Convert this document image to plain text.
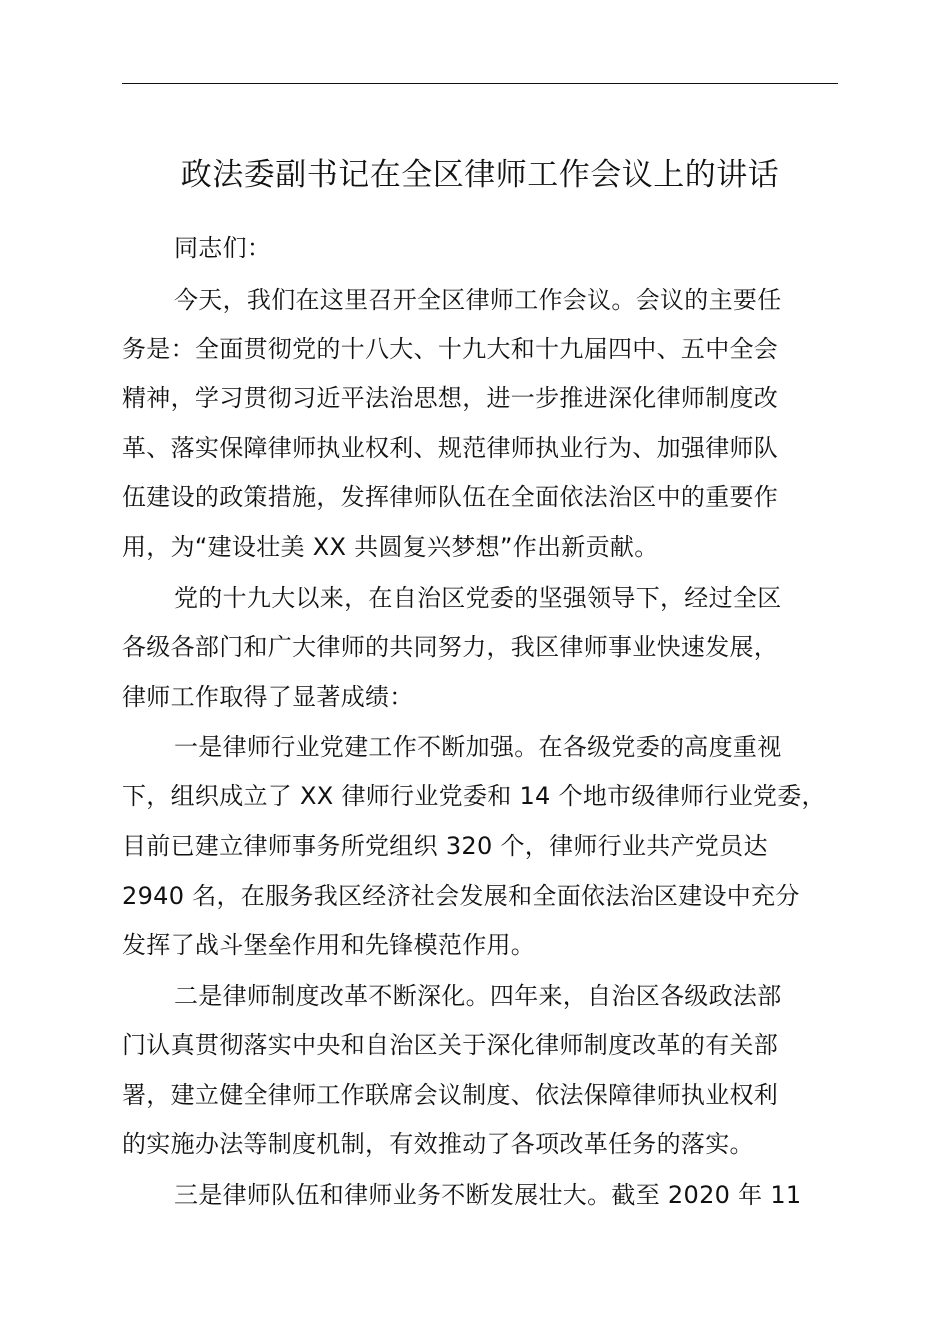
政法委副书记在全区律师工作会议上的讲话
同志们：
今天，我们在这里召开全区律师工作会议。会议的主要任
务是：全面贯彻党的十八大、十九大和十九届四中、五中全会
精神，学习贯彻习近平法治思想，进一步推进深化律师制度改
革、落实保障律师执业权利、规范律师执业行为、加强律师队
伍建设的政策措施，发挥律师队伍在全面依法治区中的重要作
用，为“建设壮美 XX 共圆复兴梦想”作出新贡献。
党的十九大以来，在自治区党委的坚强领导下，经过全区
各级各部门和广大律师的共同努力，我区律师事业快速发展，
律师工作取得了显著成绩：
一是律师行业党建工作不断加强。在各级党委的高度重视
下，组织成立了 XX 律师行业党委和 14 个地市级律师行业党委，
目前已建立律师事务所党组织 320 个，律师行业共产党员达
2940 名，在服务我区经济社会发展和全面依法治区建设中充分
发挥了战斗堡垒作用和先锋模范作用。
二是律师制度改革不断深化。四年来，自治区各级政法部
门认真贯彻落实中央和自治区关于深化律师制度改革的有关部
署，建立健全律师工作联席会议制度、依法保障律师执业权利
的实施办法等制度机制，有效推动了各项改革任务的落实。
三是律师队伍和律师业务不断发展壮大。截至 2020 年 11
